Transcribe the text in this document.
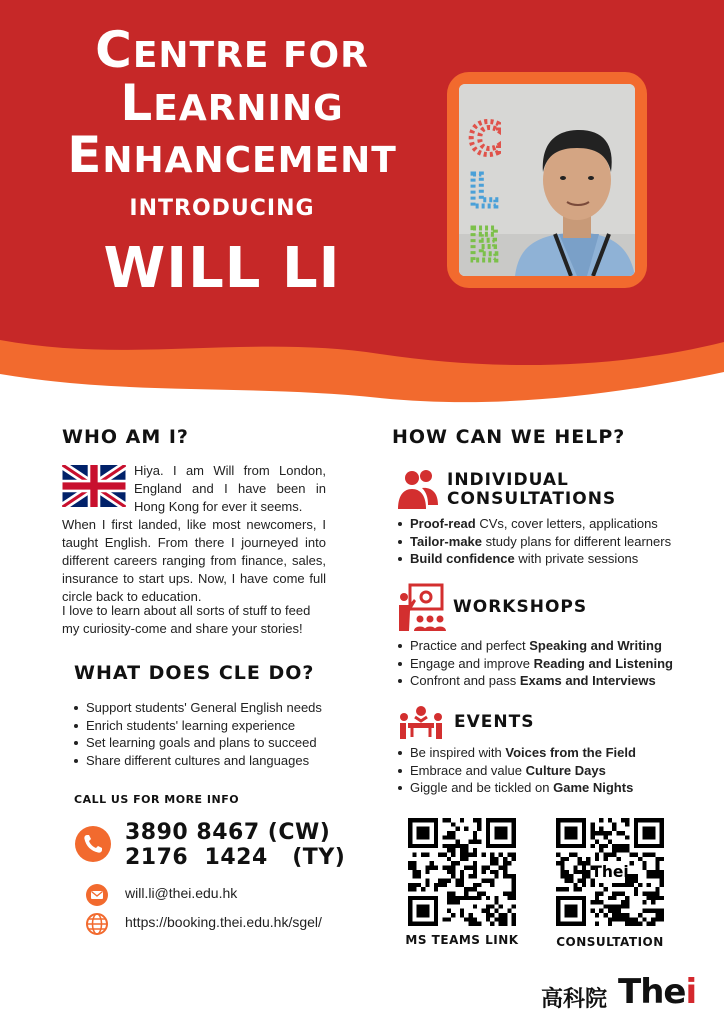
CENTRE FOR LEARNING
ENHANCEMENT
INTRODUCING
WILL LI
C
L
E
WHO AM I?
Hiya. I am Will from London, England and I have been in Hong Kong for ever it seems.
When I first landed, like most newcomers, I taught English. From there I journeyed into different careers ranging from finance, sales, insurance to start ups. Now, I have come full circle back to education.
I love to learn about all sorts of stuff to feed my curiosity-come and share your stories!
WHAT DOES CLE DO?
Support students' General English needs
Enrich students' learning experience
Set learning goals and plans to succeed
Share different cultures and languages
CALL US FOR MORE INFO
3890 8467 (CW)
2176  1424   (TY)
will.li@thei.edu.hk
https://booking.thei.edu.hk/sgel/
HOW CAN WE HELP?
INDIVIDUAL
CONSULTATIONS
Proof-read CVs, cover letters, applications
Tailor-make study plans for different learners
Build confidence with private sessions
WORKSHOPS
Practice and perfect Speaking and Writing
Engage and improve Reading and Listening
Confront and pass Exams and Interviews
EVENTS
Be inspired with Voices from the Field
Embrace and value Culture Days
Giggle and be tickled on Game Nights
MS TEAMS LINK
Thei
CONSULTATION
高科院 Thei
